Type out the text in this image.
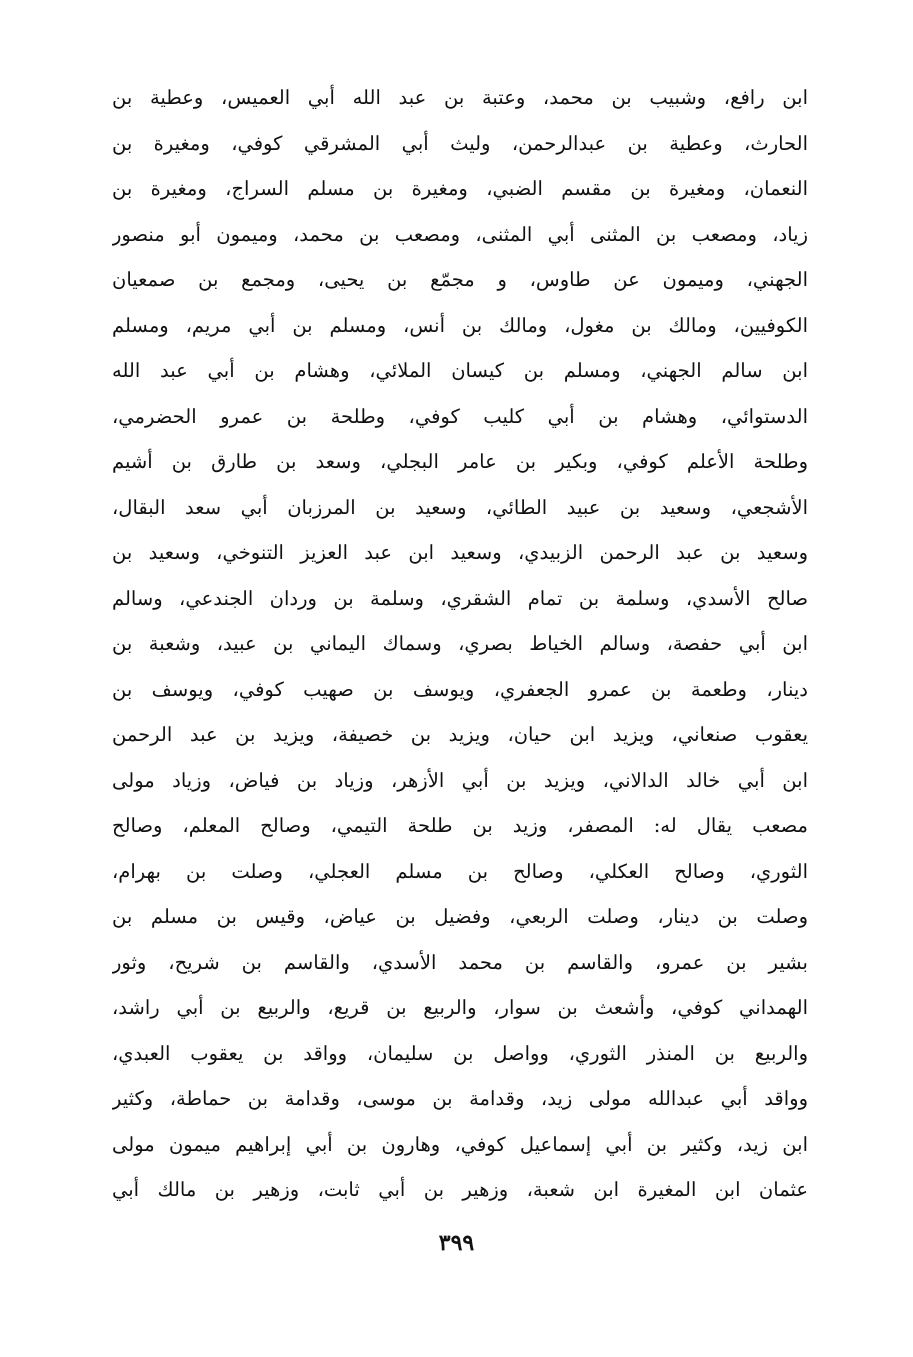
ابن رافع، وشبيب بن محمد، وعتبة بن عبد الله أبي العميس، وعطية بن
الحارث، وعطية بن عبدالرحمن، وليث أبي المشرقي كوفي، ومغيرة بن
النعمان، ومغيرة بن مقسم الضبي، ومغيرة بن مسلم السراج، ومغيرة بن
زياد، ومصعب بن المثنى أبي المثنى، ومصعب بن محمد، وميمون أبو منصور
الجهني، وميمون عن طاوس، و مجمّع بن يحيى، ومجمع بن صمعيان
الكوفيين، ومالك بن مغول، ومالك بن أنس، ومسلم بن أبي مريم، ومسلم
ابن سالم الجهني، ومسلم بن كيسان الملائي، وهشام بن أبي عبد الله
الدستوائي، وهشام بن أبي كليب كوفي، وطلحة بن عمرو الحضرمي،
وطلحة الأعلم كوفي، وبكير بن عامر البجلي، وسعد بن طارق بن أشيم
الأشجعي، وسعيد بن عبيد الطائي، وسعيد بن المرزبان أبي سعد البقال،
وسعيد بن عبد الرحمن الزبيدي، وسعيد ابن عبد العزيز التنوخي، وسعيد بن
صالح الأسدي، وسلمة بن تمام الشقري، وسلمة بن وردان الجندعي، وسالم
ابن أبي حفصة، وسالم الخياط بصري، وسماك اليماني بن عبيد، وشعبة بن
دينار، وطعمة بن عمرو الجعفري، ويوسف بن صهيب كوفي، ويوسف بن
يعقوب صنعاني، ويزيد ابن حيان، ويزيد بن خصيفة، ويزيد بن عبد الرحمن
ابن أبي خالد الدالاني، ويزيد بن أبي الأزهر، وزياد بن فياض، وزياد مولى
مصعب يقال له: المصفر، وزيد بن طلحة التيمي، وصالح المعلم، وصالح
الثوري، وصالح العكلي، وصالح بن مسلم العجلي، وصلت بن بهرام،
وصلت بن دينار، وصلت الربعي، وفضيل بن عياض، وقيس بن مسلم بن
بشير بن عمرو، والقاسم بن محمد الأسدي، والقاسم بن شريح، وثور
الهمداني كوفي، وأشعث بن سوار، والربيع بن قريع، والربيع بن أبي راشد،
والربيع بن المنذر الثوري، وواصل بن سليمان، وواقد بن يعقوب العبدي،
وواقد أبي عبدالله مولى زيد، وقدامة بن موسى، وقدامة بن حماطة، وكثير
ابن زيد، وكثير بن أبي إسماعيل كوفي، وهارون بن أبي إبراهيم ميمون مولى
عثمان ابن المغيرة ابن شعبة، وزهير بن أبي ثابت، وزهير بن مالك أبي
٣٩٩
